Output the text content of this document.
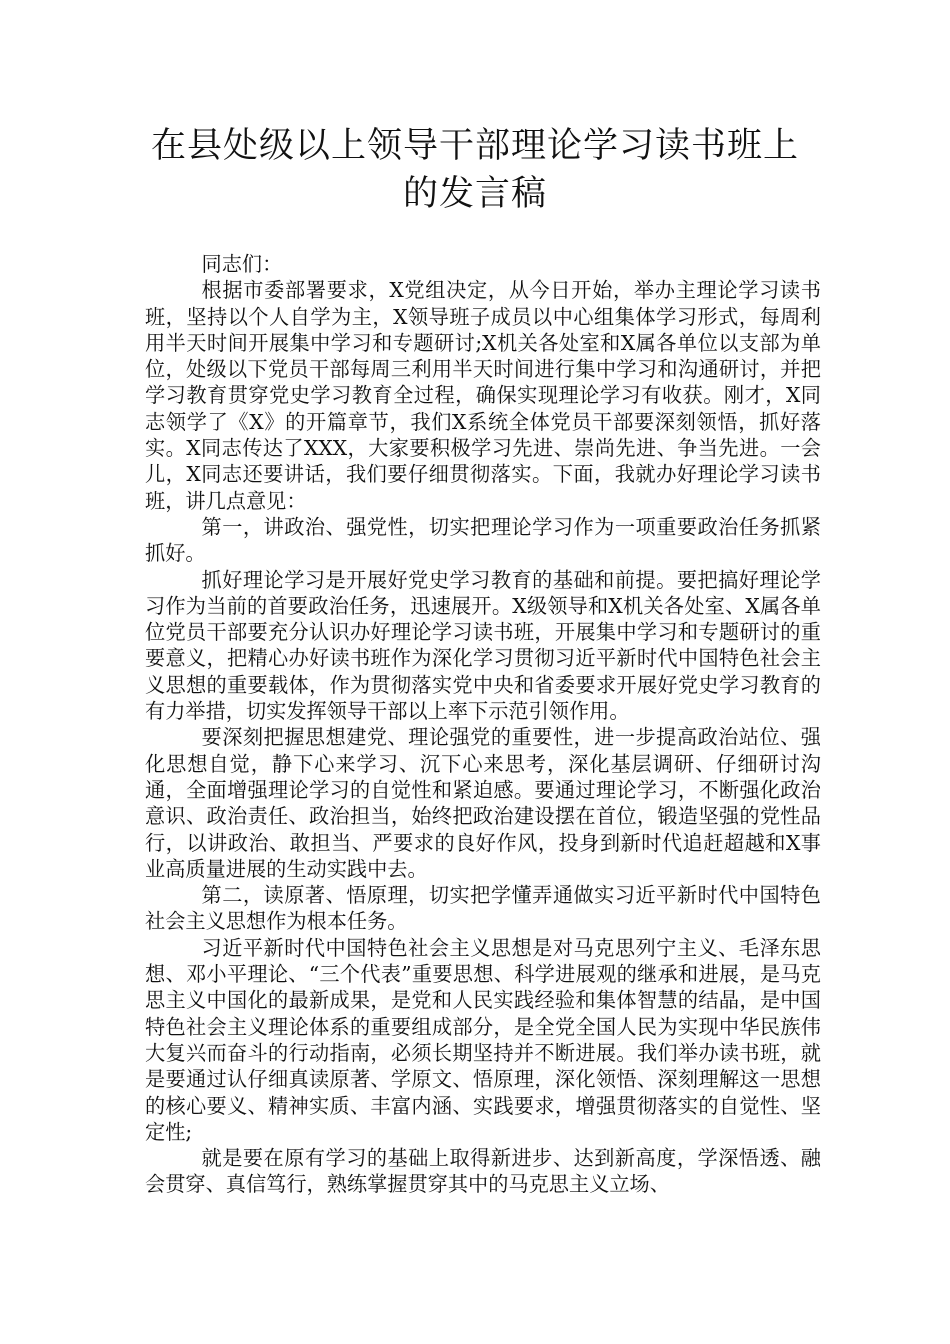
在县处级以上领导干部理论学习读书班上
的发言稿

同志们：

根据市委部署要求，X党组决定，从今日开始，举办主理论学习读书班，坚持以个人自学为主，X领导班子成员以中心组集体学习形式，每周利用半天时间开展集中学习和专题研讨;X机关各处室和X属各单位以支部为单位，处级以下党员干部每周三利用半天时间进行集中学习和沟通研讨，并把学习教育贯穿党史学习教育全过程，确保实现理论学习有收获。刚才，X同志领学了《X》的开篇章节，我们X系统全体党员干部要深刻领悟，抓好落实。X同志传达了XXX，大家要积极学习先进、崇尚先进、争当先进。一会儿，X同志还要讲话，我们要仔细贯彻落实。下面，我就办好理论学习读书班，讲几点意见：

第一，讲政治、强党性，切实把理论学习作为一项重要政治任务抓紧抓好。

抓好理论学习是开展好党史学习教育的基础和前提。要把搞好理论学习作为当前的首要政治任务，迅速展开。X级领导和X机关各处室、X属各单位党员干部要充分认识办好理论学习读书班，开展集中学习和专题研讨的重要意义，把精心办好读书班作为深化学习贯彻习近平新时代中国特色社会主义思想的重要载体，作为贯彻落实党中央和省委要求开展好党史学习教育的有力举措，切实发挥领导干部以上率下示范引领作用。

要深刻把握思想建党、理论强党的重要性，进一步提高政治站位、强化思想自觉，静下心来学习、沉下心来思考，深化基层调研、仔细研讨沟通，全面增强理论学习的自觉性和紧迫感。要通过理论学习，不断强化政治意识、政治责任、政治担当，始终把政治建设摆在首位，锻造坚强的党性品行，以讲政治、敢担当、严要求的良好作风，投身到新时代追赶超越和X事业高质量进展的生动实践中去。

第二，读原著、悟原理，切实把学懂弄通做实习近平新时代中国特色社会主义思想作为根本任务。

习近平新时代中国特色社会主义思想是对马克思列宁主义、毛泽东思想、邓小平理论、“三个代表”重要思想、科学进展观的继承和进展，是马克思主义中国化的最新成果，是党和人民实践经验和集体智慧的结晶，是中国特色社会主义理论体系的重要组成部分，是全党全国人民为实现中华民族伟大复兴而奋斗的行动指南，必须长期坚持并不断进展。我们举办读书班，就是要通过认仔细真读原著、学原文、悟原理，深化领悟、深刻理解这一思想的核心要义、精神实质、丰富内涵、实践要求，增强贯彻落实的自觉性、坚定性;

就是要在原有学习的基础上取得新进步、达到新高度，学深悟透、融会贯穿、真信笃行，熟练掌握贯穿其中的马克思主义立场、
